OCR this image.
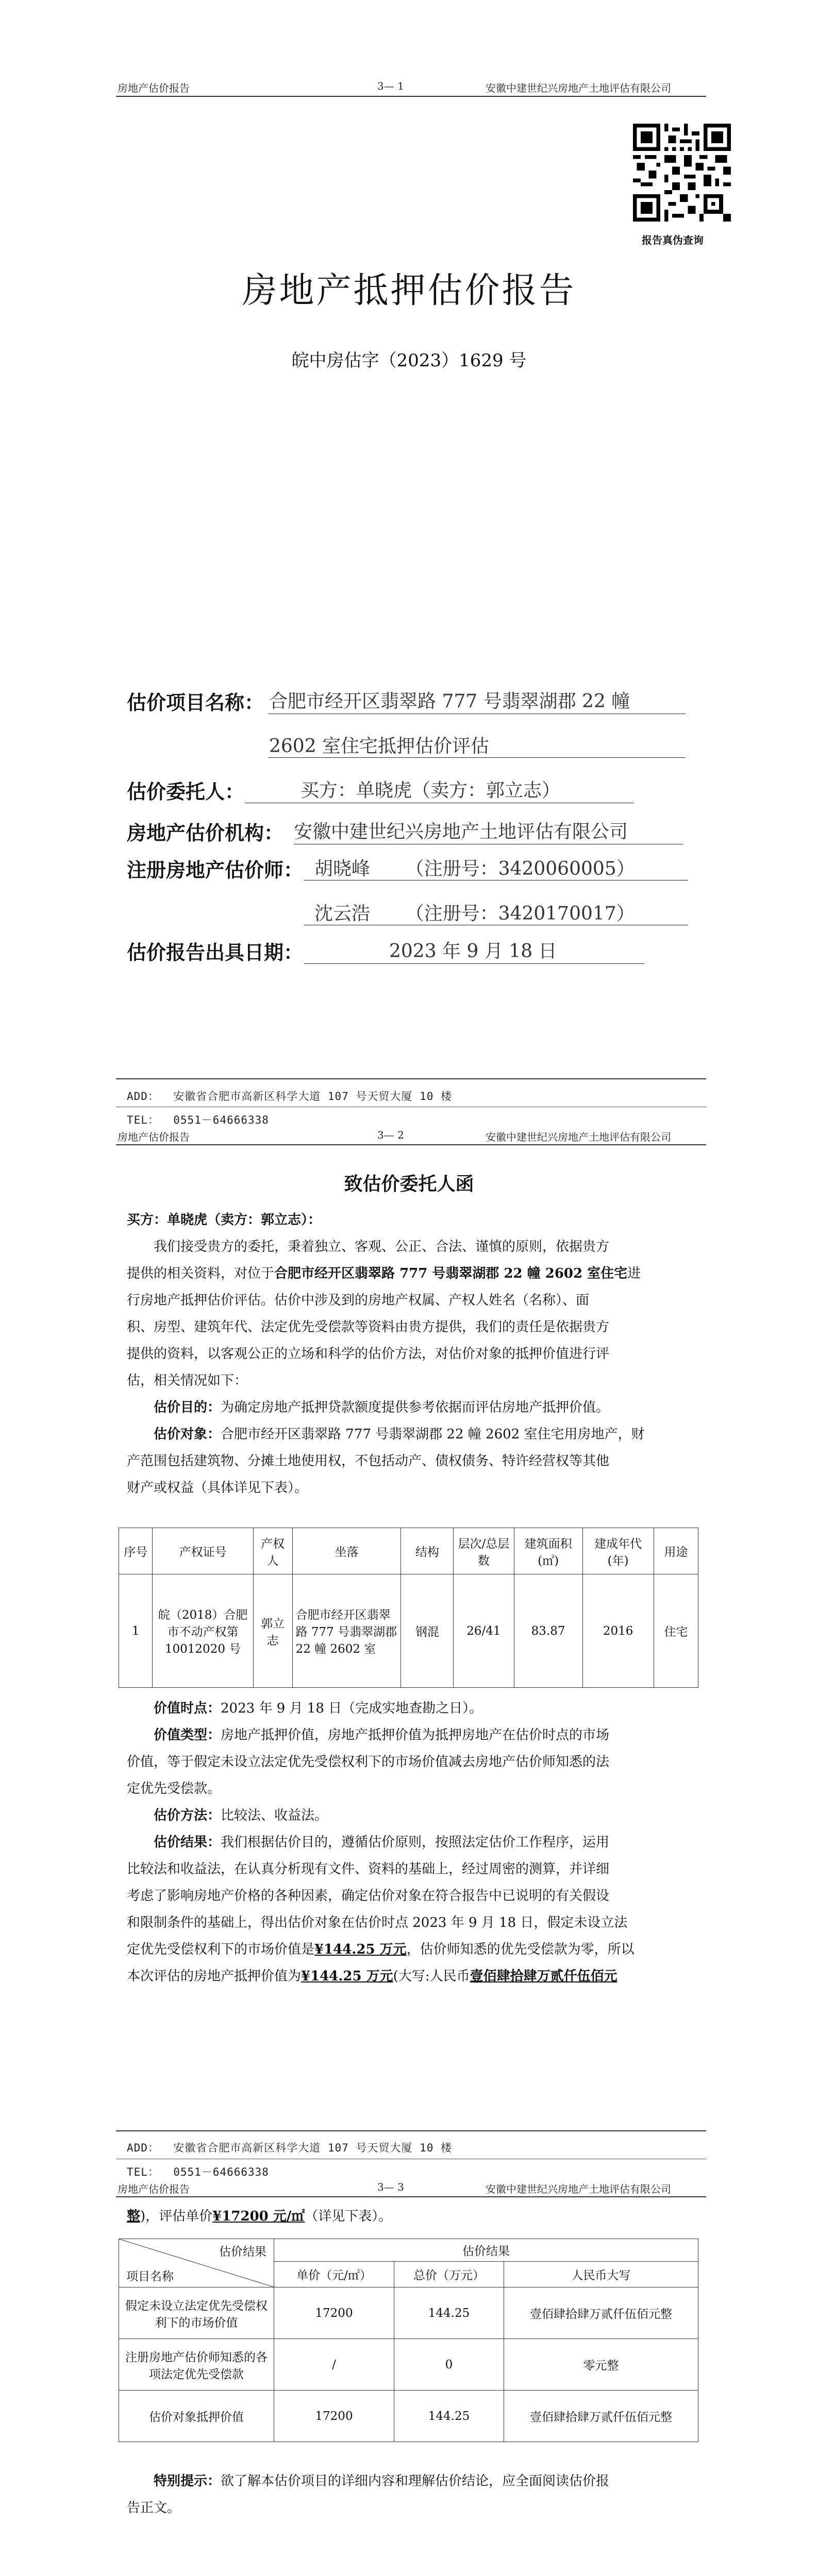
房地产估价报告	3— 1	安徽中建世纪兴房地产土地评估有限公司
报告真伪查询
房地产抵押估价报告
皖中房估字（2023）1629 号
估价项目名称： 合肥市经开区翡翠路 777 号翡翠湖郡 22 幢
2602 室住宅抵押估价评估
估价委托人：	买方：单晓虎（卖方：郭立志）
房地产估价机构： 安徽中建世纪兴房地产土地评估有限公司
注册房地产估价师： 胡晓峰      （注册号：3420060005）
沈云浩      （注册号：3420170017）
估价报告出具日期：	2023 年 9 月 18 日
ADD：  安徽省合肥市高新区科学大道 107 号天贸大厦 10 楼
TEL：  0551－64666338
房地产估价报告	3— 2	安徽中建世纪兴房地产土地评估有限公司
致估价委托人函
买方：单晓虎（卖方：郭立志）：
我们接受贵方的委托，秉着独立、客观、公正、合法、谨慎的原则，依据贵方
提供的相关资料，对位于合肥市经开区翡翠路 777 号翡翠湖郡 22 幢 2602 室住宅进
行房地产抵押估价评估。估价中涉及到的房地产权属、产权人姓名（名称）、面
积、房型、建筑年代、法定优先受偿款等资料由贵方提供，我们的责任是依据贵方
提供的资料，以客观公正的立场和科学的估价方法，对估价对象的抵押价值进行评
估，相关情况如下：
估价目的：为确定房地产抵押贷款额度提供参考依据而评估房地产抵押价值。
估价对象：合肥市经开区翡翠路 777 号翡翠湖郡 22 幢 2602 室住宅用房地产，财
产范围包括建筑物、分摊土地使用权，不包括动产、债权债务、特许经营权等其他
财产或权益（具体详见下表）。
序号	产权证号	产权人	坐落	结构	层次/总层数	建筑面积(㎡)	建成年代(年)	用途
1	皖（2018）合肥市不动产权第10012020 号	郭立志	合肥市经开区翡翠路 777 号翡翠湖郡 22 幢 2602 室	钢混	26/41	83.87	2016	住宅
价值时点：2023 年 9 月 18 日（完成实地查勘之日）。
价值类型：房地产抵押价值，房地产抵押价值为抵押房地产在估价时点的市场
价值，等于假定未设立法定优先受偿权利下的市场价值减去房地产估价师知悉的法
定优先受偿款。
估价方法：比较法、收益法。
估价结果：我们根据估价目的，遵循估价原则，按照法定估价工作程序，运用
比较法和收益法，在认真分析现有文件、资料的基础上，经过周密的测算，并详细
考虑了影响房地产价格的各种因素，确定估价对象在符合报告中已说明的有关假设
和限制条件的基础上，得出估价对象在估价时点 2023 年 9 月 18 日，假定未设立法
定优先受偿权利下的市场价值是¥144.25 万元，估价师知悉的优先受偿款为零，所以
本次评估的房地产抵押价值为¥144.25 万元(大写:人民币壹佰肆拾肆万贰仟伍佰元
ADD：  安徽省合肥市高新区科学大道 107 号天贸大厦 10 楼
TEL：  0551－64666338
房地产估价报告	3— 3	安徽中建世纪兴房地产土地评估有限公司
整)，评估单价¥17200 元/㎡（详见下表）。
估价结果
项目名称	估价结果		
	单价（元/㎡）	总价（万元）	人民币大写
假定未设立法定优先受偿权利下的市场价值	17200	144.25	壹佰肆拾肆万贰仟伍佰元整
注册房地产估价师知悉的各项法定优先受偿款	/	0	零元整
估价对象抵押价值	17200	144.25	壹佰肆拾肆万贰仟伍佰元整
特别提示：欲了解本估价项目的详细内容和理解估价结论，应全面阅读估价报
告正文。
